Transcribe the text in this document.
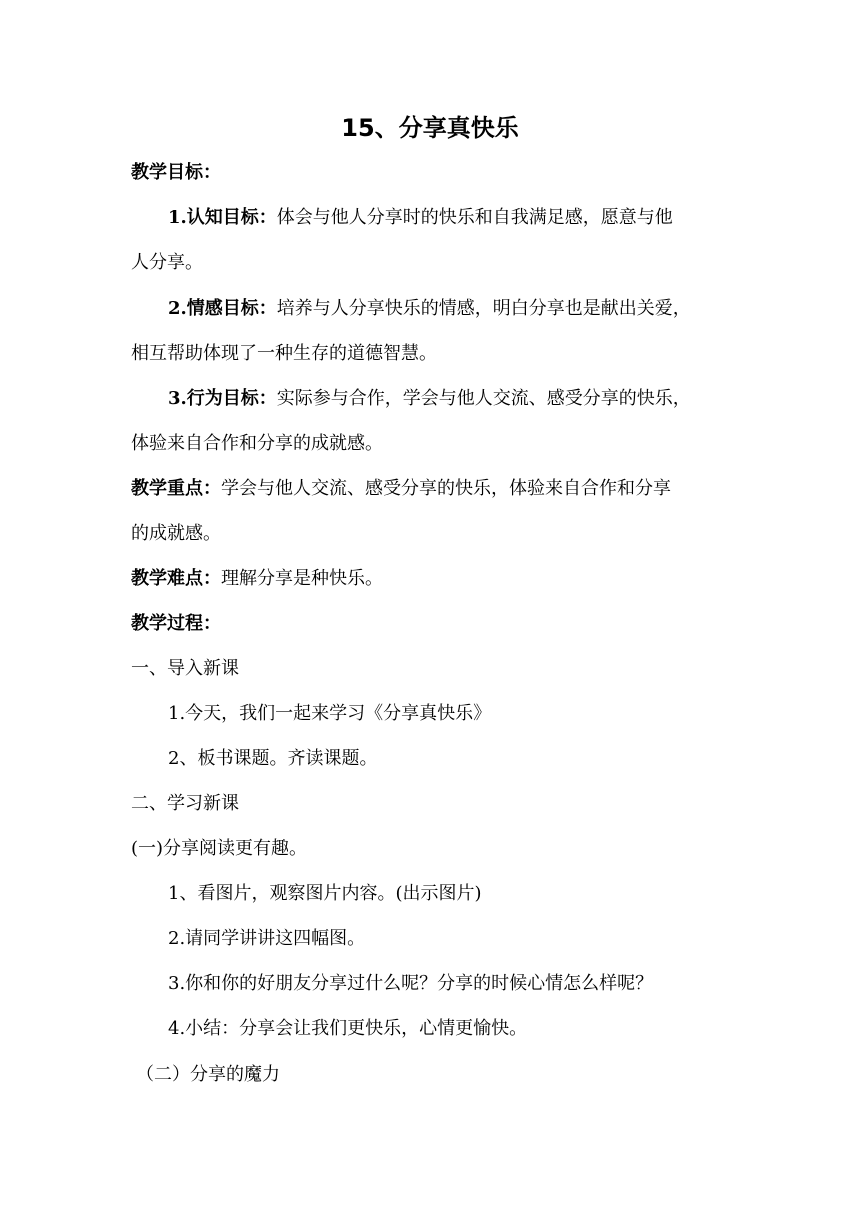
15、分享真快乐

教学目标：

1.认知目标：体会与他人分享时的快乐和自我满足感，愿意与他

人分享。

2.情感目标：培养与人分享快乐的情感，明白分享也是献出关爱，

相互帮助体现了一种生存的道德智慧。

3.行为目标：实际参与合作，学会与他人交流、感受分享的快乐，

体验来自合作和分享的成就感。

教学重点：学会与他人交流、感受分享的快乐，体验来自合作和分享

的成就感。

教学难点：理解分享是种快乐。

教学过程：

一、导入新课

1.今天，我们一起来学习《分享真快乐》

2、板书课题。齐读课题。

二、学习新课

(一)分享阅读更有趣。

1、看图片，观察图片内容。(出示图片)

2.请同学讲讲这四幅图。

3.你和你的好朋友分享过什么呢？分享的时候心情怎么样呢？

4.小结：分享会让我们更快乐，心情更愉快。

（二）分享的魔力
